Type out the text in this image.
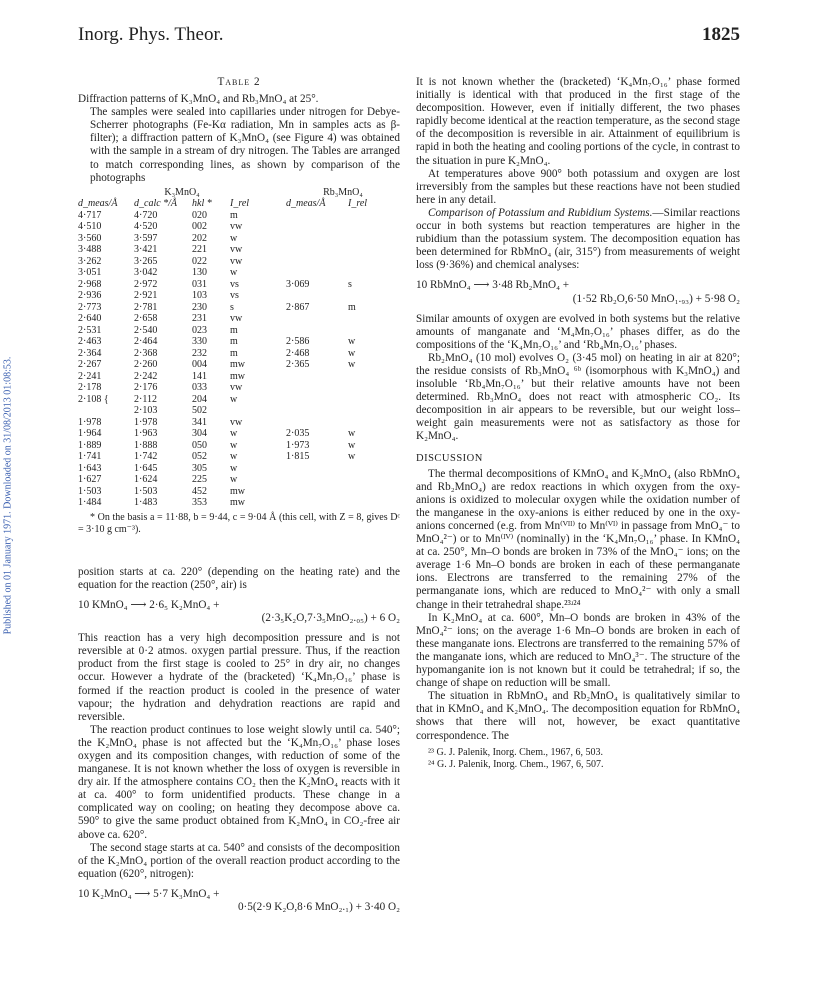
Inorg. Phys. Theor.	1825
Published on 01 January 1971. Downloaded on 31/08/2013 01:08:53.
Table 2

Diffraction patterns of K₃MnO₄ and Rb₃MnO₄ at 25°.
The samples were sealed into capillaries under nitrogen for Debye-Scherrer photographs (Fe-Kα radiation, Mn in samples acts as β-filter); a diffraction pattern of K₃MnO₄ (see Figure 4) was obtained with the sample in a stream of dry nitrogen. The Tables are arranged to match corresponding lines, as shown by comparison of the photographs

K₃MnO₄				Rb₃MnO₄	
d_meas/Å	d_calc */Å	hkl *	I_rel	d_meas/Å	I_rel
4·717	4·720	020	m		
4·510	4·520	002	vw		
3·560	3·597	202	w		
3·488	3·421	221	vw		
3·262	3·265	022	vw		
3·051	3·042	130	w		
2·968	2·972	031	vs	3·069	s
2·936	2·921	103	vs		
2·773	2·781	230	s	2·867	m
2·640	2·658	231	vw		
2·531	2·540	023	m		
2·463	2·464	330	m	2·586	w
2·364	2·368	232	m	2·468	w
2·267	2·260	004	mw	2·365	w
2·241	2·242	141	mw		
2·178	2·176	033	vw		
2·108 {	2·112	204	w		
	2·103	502			
1·978	1·978	341	vw		
1·964	1·963	304	w	2·035	w
1·889	1·888	050	w	1·973	w
1·741	1·742	052	w	1·815	w
1·643	1·645	305	w		
1·627	1·624	225	w		
1·503	1·503	452	mw		
1·484	1·483	353	mw		

* On the basis a = 11·88, b = 9·44, c = 9·04 Å (this cell, with Z = 8, gives Dᶜ = 3·10 g cm⁻³).

position starts at ca. 220° (depending on the heating rate) and the equation for the reaction (250°, air) is

10 KMnO₄ ⟶ 2·6₅ K₂MnO₄ +
(2·3₅K₂O,7·3₅MnO₂.₀₅) + 6 O₂

This reaction has a very high decomposition pressure and is not reversible at 0·2 atmos. oxygen partial pressure. Thus, if the reaction product from the first stage is cooled to 25° in dry air, no changes occur. However a hydrate of the (bracketed) ‘K₄Mn₇O₁₆’ phase is formed if the reaction product is cooled in the presence of water vapour; the hydration and dehydration reactions are rapid and reversible.

The reaction product continues to lose weight slowly until ca. 540°; the K₂MnO₄ phase is not affected but the ‘K₄Mn₇O₁₆’ phase loses oxygen and its composition changes, with reduction of some of the manganese. It is not known whether the loss of oxygen is reversible in dry air. If the atmosphere contains CO₂ then the K₂MnO₄ reacts with it at ca. 400° to form unidentified products. These change in a complicated way on cooling; on heating they decompose above ca. 590° to give the same product obtained from K₂MnO₄ in CO₂-free air above ca. 620°.

The second stage starts at ca. 540° and consists of the decomposition of the K₂MnO₄ portion of the overall reaction product according to the equation (620°, nitrogen):

10 K₂MnO₄ ⟶ 5·7 K₃MnO₄ +
0·5(2·9 K₂O,8·6 MnO₂.₁) + 3·40 O₂

It is not known whether the (bracketed) ‘K₄Mn₇O₁₆’ phase formed initially is identical with that produced in the first stage of the decomposition. However, even if initially different, the two phases rapidly become identical at the reaction temperature, as the second stage of the decomposition is reversible in air. Attainment of equilibrium is rapid in both the heating and cooling portions of the cycle, in contrast to the situation in pure K₂MnO₄.

At temperatures above 900° both potassium and oxygen are lost irreversibly from the samples but these reactions have not been studied here in any detail.

Comparison of Potassium and Rubidium Systems.—Similar reactions occur in both systems but reaction temperatures are higher in the rubidium than the potassium system. The decomposition equation has been determined for RbMnO₄ (air, 315°) from measurements of weight loss (9·36%) and chemical analyses:

10 RbMnO₄ ⟶ 3·48 Rb₂MnO₄ +
(1·52 Rb₂O,6·50 MnO₁.₉₃) + 5·98 O₂

Similar amounts of oxygen are evolved in both systems but the relative amounts of manganate and ‘M₄Mn₇O₁₆’ phases differ, as do the compositions of the ‘K₄Mn₇O₁₆’ and ‘Rb₄Mn₇O₁₆’ phases.

Rb₂MnO₄ (10 mol) evolves O₂ (3·45 mol) on heating in air at 820°; the residue consists of Rb₃MnO₄ ⁶ᵇ (isomorphous with K₃MnO₄) and insoluble ‘Rb₄Mn₇O₁₆’ but their relative amounts have not been determined. Rb₃MnO₄ does not react with atmospheric CO₂. Its decomposition in air appears to be reversible, but our weight loss–weight gain measurements were not as satisfactory as those for K₂MnO₄.

DISCUSSION

The thermal decompositions of KMnO₄ and K₂MnO₄ (also RbMnO₄ and Rb₂MnO₄) are redox reactions in which oxygen from the oxy-anions is oxidized to molecular oxygen while the oxidation number of the manganese in the oxy-anions is either reduced by one in the oxy-anions concerned (e.g. from Mn⁽ⱽᴵᴵ⁾ to Mn⁽ⱽᴵ⁾ in passage from MnO₄⁻ to MnO₄²⁻) or to Mn⁽ᴵⱽ⁾ (nominally) in the ‘K₄Mn₇O₁₆’ phase. In KMnO₄ at ca. 250°, Mn–O bonds are broken in 73% of the MnO₄⁻ ions; on the average 1·6 Mn–O bonds are broken in each of these permanganate ions. Electrons are transferred to the remaining 27% of the permanganate ions, which are reduced to MnO₄²⁻ with only a small change in their tetrahedral shape.²³ʴ²⁴

In K₂MnO₄ at ca. 600°, Mn–O bonds are broken in 43% of the MnO₄²⁻ ions; on the average 1·6 Mn–O bonds are broken in each of these manganate ions. Electrons are transferred to the remaining 57% of the manganate ions, which are reduced to MnO₄³⁻. The structure of the hypomanganite ion is not known but it could be tetrahedral; if so, the change of shape on reduction will be small.

The situation in RbMnO₄ and Rb₂MnO₄ is qualitatively similar to that in KMnO₄ and K₂MnO₄. The decomposition equation for RbMnO₄ shows that there will not, however, be exact quantitative correspondence. The

²³ G. J. Palenik, Inorg. Chem., 1967, 6, 503.
²⁴ G. J. Palenik, Inorg. Chem., 1967, 6, 507.
